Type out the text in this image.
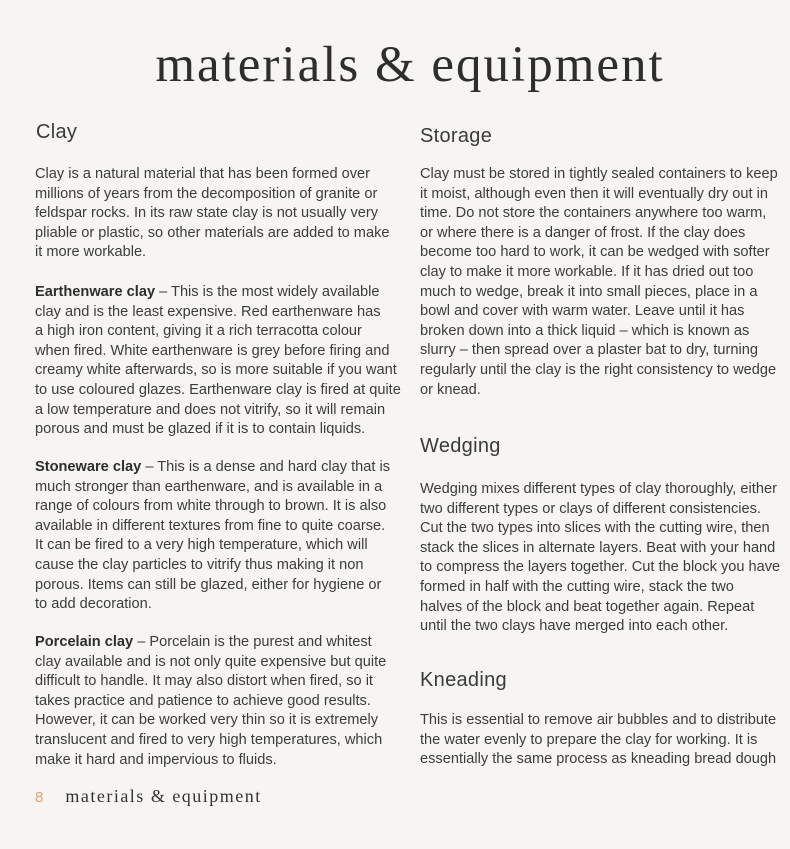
materials & equipment
Clay

Clay is a natural material that has been formed over
millions of years from the decomposition of granite or
feldspar rocks. In its raw state clay is not usually very
pliable or plastic, so other materials are added to make
it more workable.

Earthenware clay – This is the most widely available
clay and is the least expensive. Red earthenware has
a high iron content, giving it a rich terracotta colour
when fired. White earthenware is grey before firing and
creamy white afterwards, so is more suitable if you want
to use coloured glazes. Earthenware clay is fired at quite
a low temperature and does not vitrify, so it will remain
porous and must be glazed if it is to contain liquids.

Stoneware clay – This is a dense and hard clay that is
much stronger than earthenware, and is available in a
range of colours from white through to brown. It is also
available in different textures from fine to quite coarse.
It can be fired to a very high temperature, which will
cause the clay particles to vitrify thus making it non
porous. Items can still be glazed, either for hygiene or
to add decoration.

Porcelain clay – Porcelain is the purest and whitest
clay available and is not only quite expensive but quite
difficult to handle. It may also distort when fired, so it
takes practice and patience to achieve good results.
However, it can be worked very thin so it is extremely
translucent and fired to very high temperatures, which
make it hard and impervious to fluids.

Storage

Clay must be stored in tightly sealed containers to keep
it moist, although even then it will eventually dry out in
time. Do not store the containers anywhere too warm,
or where there is a danger of frost. If the clay does
become too hard to work, it can be wedged with softer
clay to make it more workable. If it has dried out too
much to wedge, break it into small pieces, place in a
bowl and cover with warm water. Leave until it has
broken down into a thick liquid – which is known as
slurry – then spread over a plaster bat to dry, turning
regularly until the clay is the right consistency to wedge
or knead.

Wedging

Wedging mixes different types of clay thoroughly, either
two different types or clays of different consistencies.
Cut the two types into slices with the cutting wire, then
stack the slices in alternate layers. Beat with your hand
to compress the layers together. Cut the block you have
formed in half with the cutting wire, stack the two
halves of the block and beat together again. Repeat
until the two clays have merged into each other.

Kneading

This is essential to remove air bubbles and to distribute
the water evenly to prepare the clay for working. It is
essentially the same process as kneading bread dough

8 materials & equipment
